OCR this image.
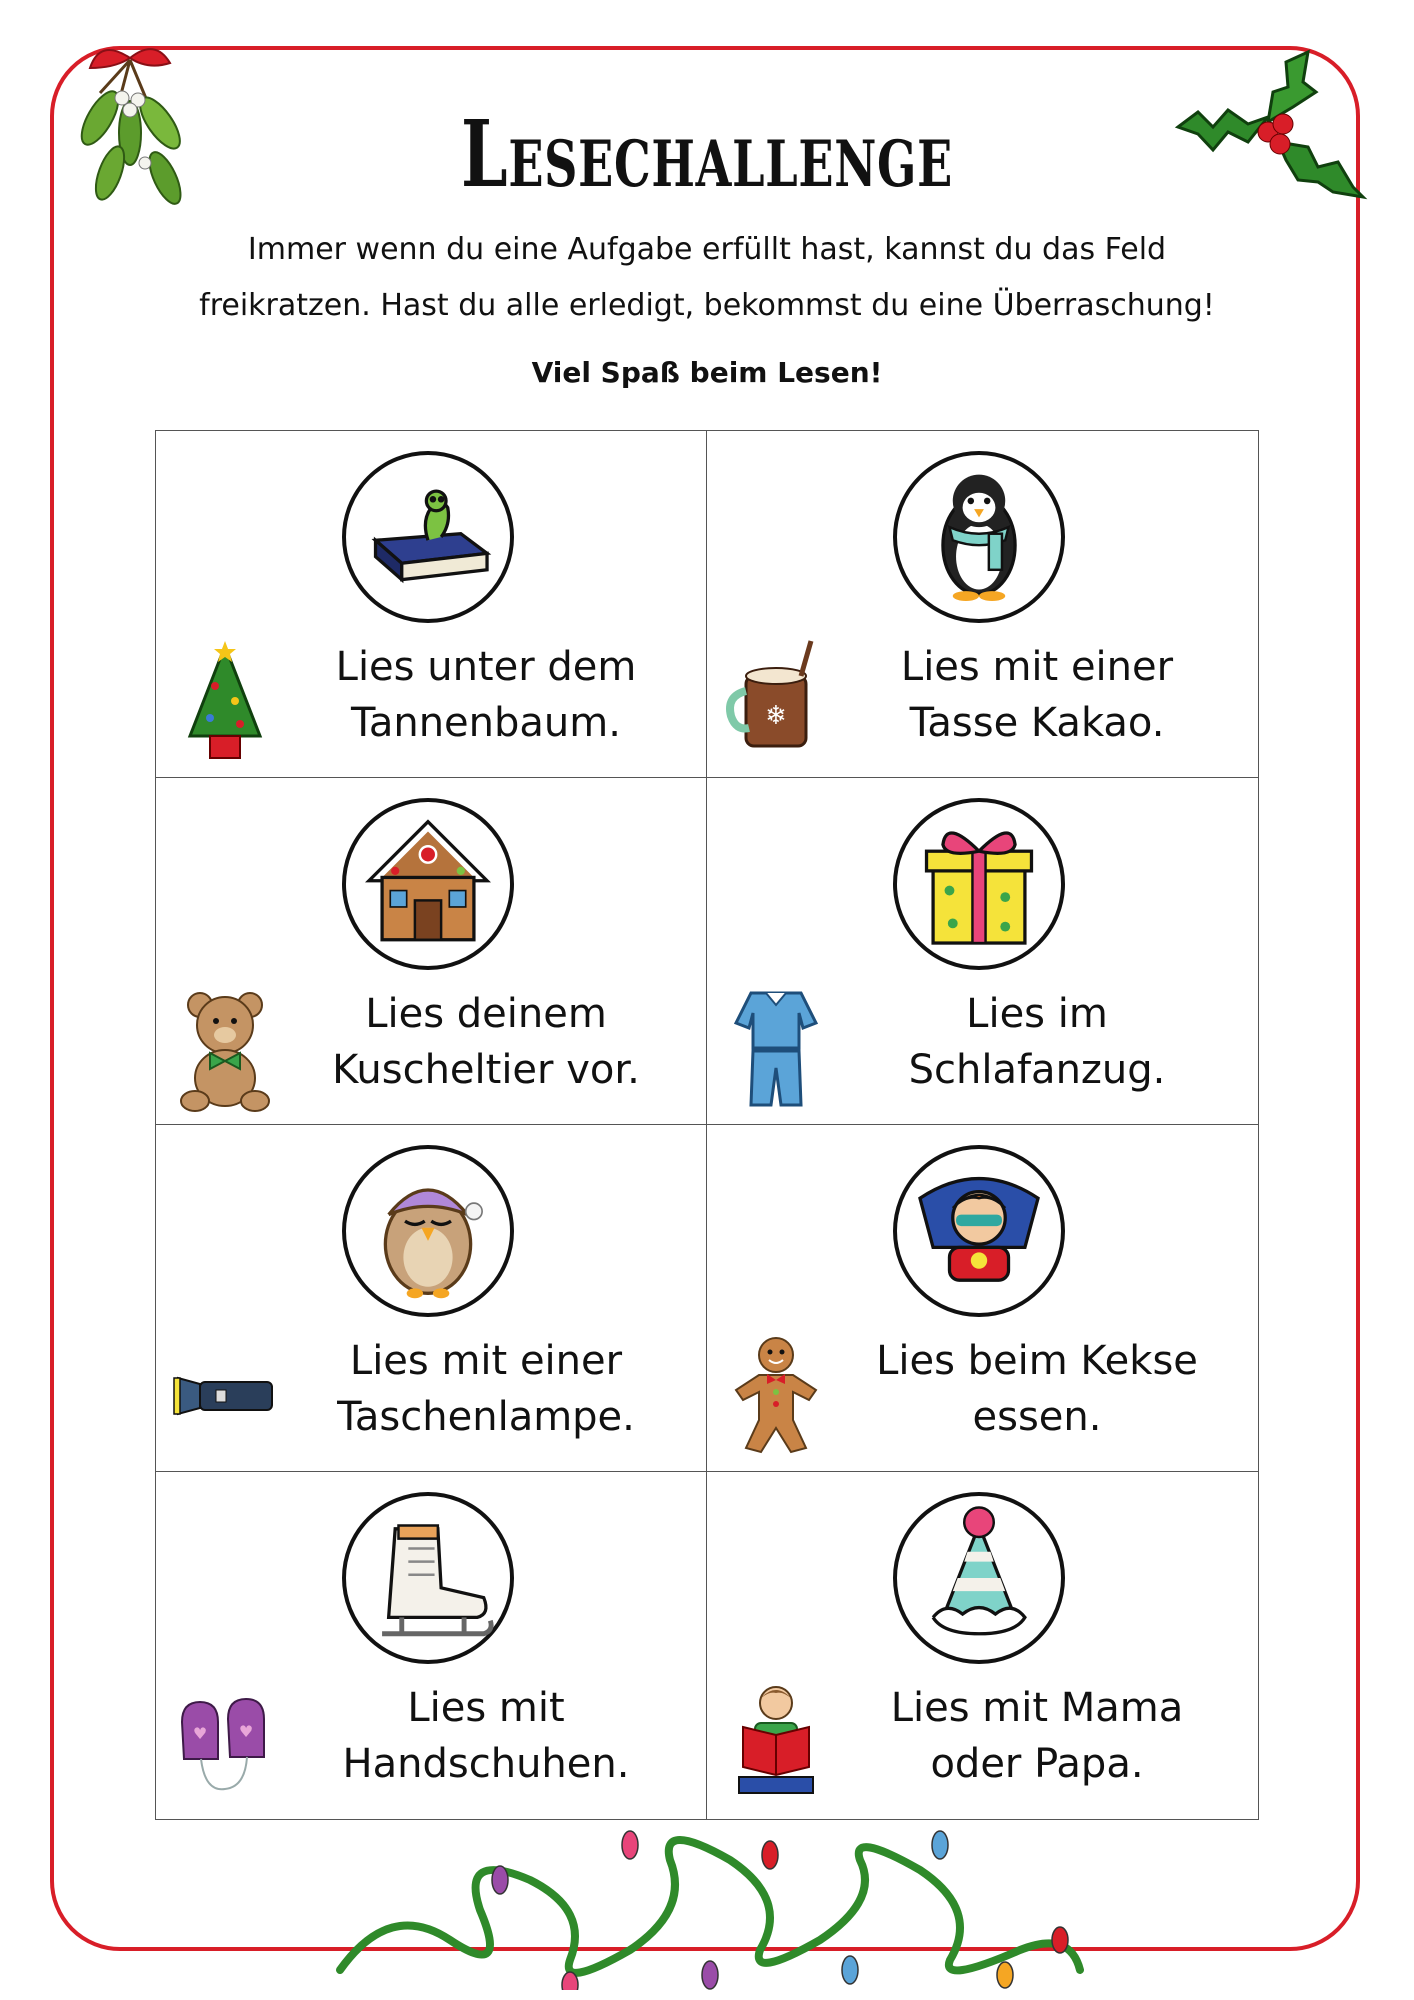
Lesechallenge
Immer wenn du eine Aufgabe erfüllt hast, kannst du das Feld
freikratzen. Hast du alle erledigt, bekommst du eine Überraschung!
Viel Spaß beim Lesen!
Lies unter dem
Tannenbaum.	❄
Lies mit einer
Tasse Kakao.
Lies deinem
Kuscheltier vor.
Lies im
Schlafanzug.
Lies mit einer
Taschenlampe.
Lies beim Kekse
essen.
♥ ♥
Lies mit
Handschuhen.
Lies mit Mama
oder Papa.
